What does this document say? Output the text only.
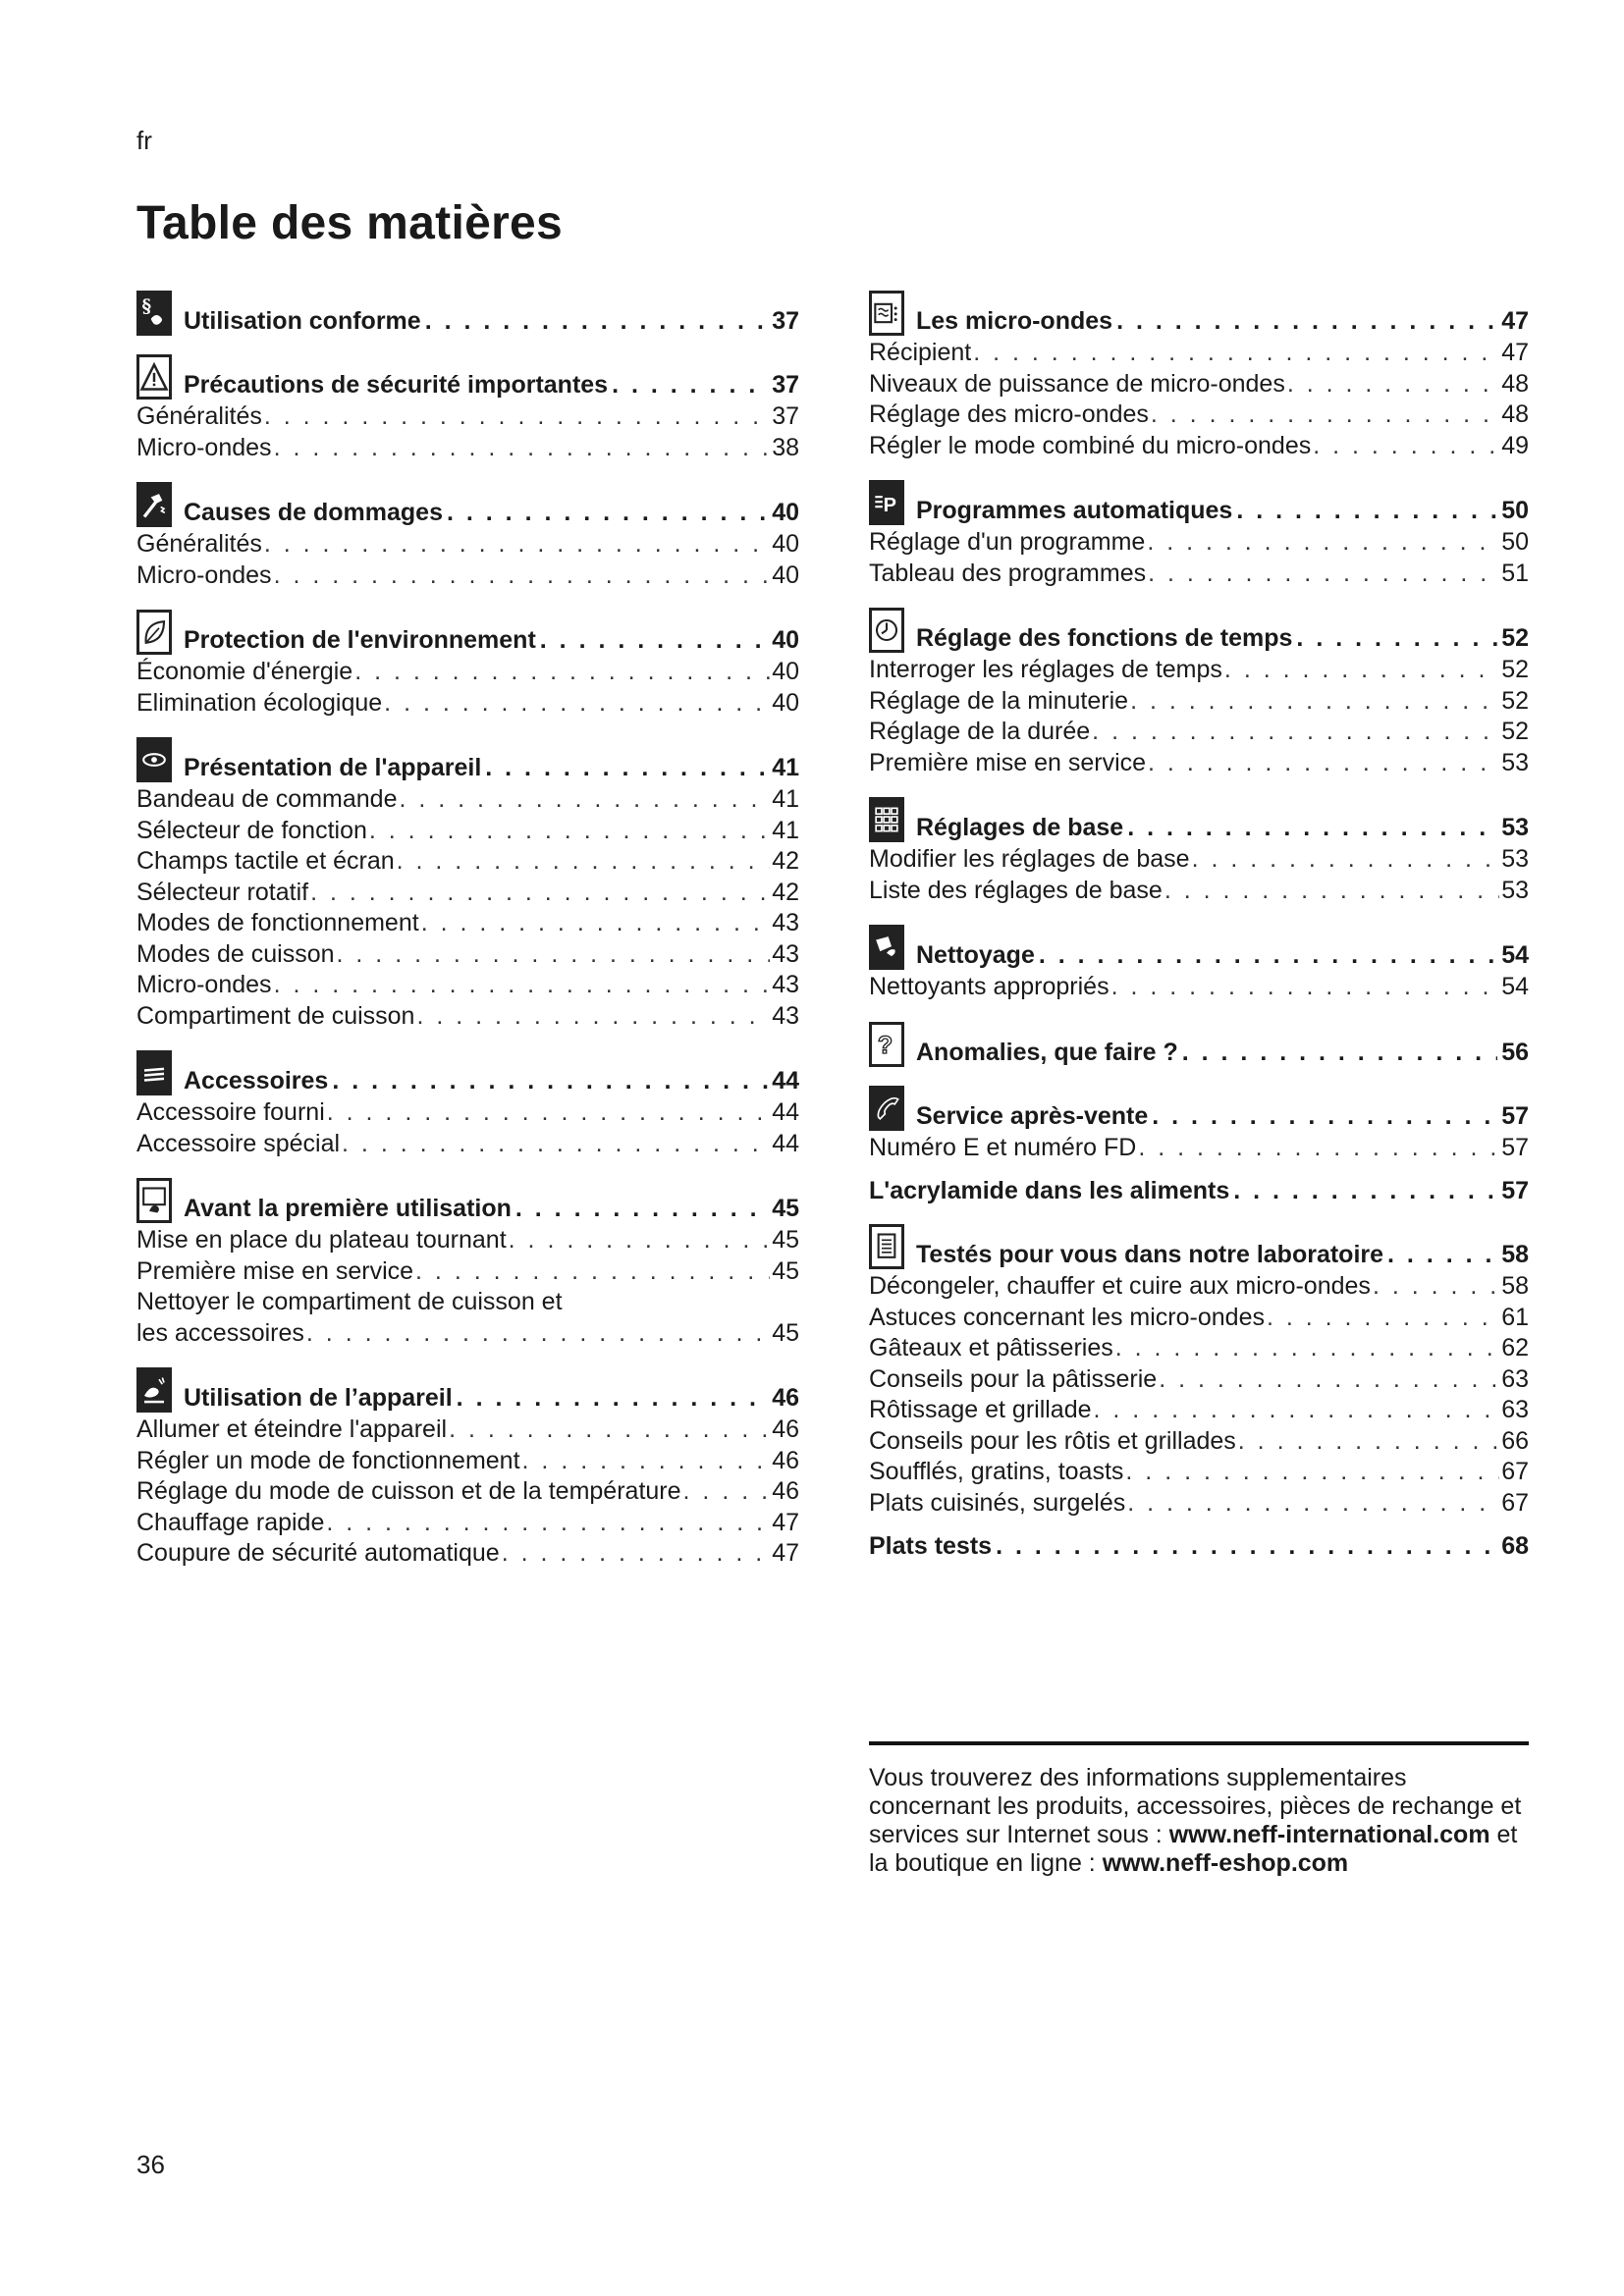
fr
Table des matières
§
Utilisation conforme . . .	37
Précautions de sécurité importantes . . .	37
Généralités . . .	37
Micro-ondes . . .	38
Causes de dommages . . .	40
Généralités . . .	40
Micro-ondes . . .	40
Protection de l'environnement . . .	40
Économie d'énergie . . .	40
Elimination écologique . . .	40
Présentation de l'appareil . . .	41
Bandeau de commande . . .	41
Sélecteur de fonction . . .	41
Champs tactile et écran . . .	42
Sélecteur rotatif . . .	42
Modes de fonctionnement . . .	43
Modes de cuisson . . .	43
Micro-ondes . . .	43
Compartiment de cuisson . . .	43
Accessoires . . .	44
Accessoire fourni . . .	44
Accessoire spécial . . .	44
Avant la première utilisation . . .	45
Mise en place du plateau tournant . . .	45
Première mise en service . . .	45
Nettoyer le compartiment de cuisson et
les accessoires . . .	45
Utilisation de l’appareil . . .	46
Allumer et éteindre l'appareil . . .	46
Régler un mode de fonctionnement . . .	46
Réglage du mode de cuisson et de la température . . .	46
Chauffage rapide . . .	47
Coupure de sécurité automatique . . .	47
Les micro-ondes . . .	47
Récipient . . .	47
Niveaux de puissance de micro-ondes . . .	48
Réglage des micro-ondes . . .	48
Régler le mode combiné du micro-ondes . . .	49
P Programmes automatiques . . .	50
Réglage d'un programme . . .	50
Tableau des programmes . . .	51
Réglage des fonctions de temps . . .	52
Interroger les réglages de temps . . .	52
Réglage de la minuterie . . .	52
Réglage de la durée . . .	52
Première mise en service . . .	53
Réglages de base . . .	53
Modifier les réglages de base . . .	53
Liste des réglages de base . . .	53
Nettoyage . . .	54
Nettoyants appropriés . . .	54
? Anomalies, que faire ? . . .	56
Service après-vente . . .	57
Numéro E et numéro FD . . .	57
L'acrylamide dans les aliments . . .	57
Testés pour vous dans notre laboratoire . . .	58
Décongeler, chauffer et cuire aux micro-ondes . . .	58
Astuces concernant les micro-ondes . . .	61
Gâteaux et pâtisseries . . .	62
Conseils pour la pâtisserie . . .	63
Rôtissage et grillade . . .	63
Conseils pour les rôtis et grillades . . .	66
Soufflés, gratins, toasts . . .	67
Plats cuisinés, surgelés . . .	67
Plats tests . . .	68
Vous trouverez des informations supplementaires concernant les produits, accessoires, pièces de rechange et services sur Internet sous : www.neff-international.com et la boutique en ligne : www.neff-eshop.com
36
